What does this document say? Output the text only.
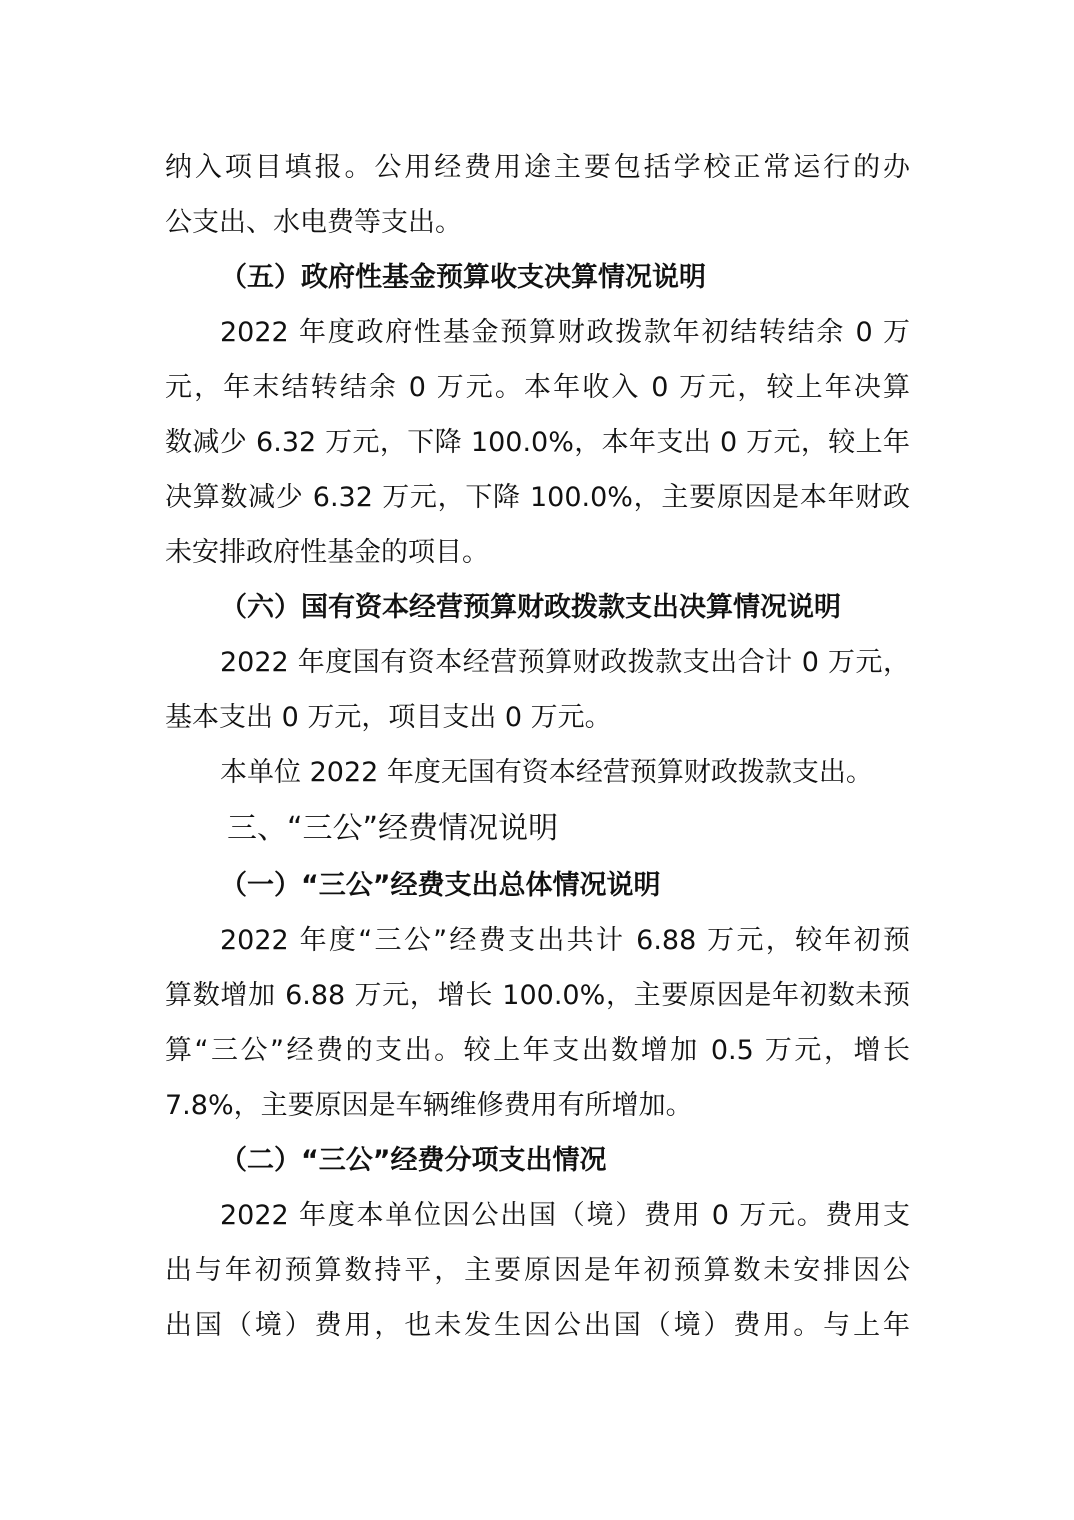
纳入项目填报。公用经费用途主要包括学校正常运行的办
公支出、水电费等支出。
（五）政府性基金预算收支决算情况说明
2022 年度政府性基金预算财政拨款年初结转结余 0 万
元，年末结转结余 0 万元。本年收入 0 万元，较上年决算
数减少 6.32 万元，下降 100.0%，本年支出 0 万元，较上年
决算数减少 6.32 万元，下降 100.0%，主要原因是本年财政
未安排政府性基金的项目。
（六）国有资本经营预算财政拨款支出决算情况说明
2022 年度国有资本经营预算财政拨款支出合计 0 万元，
基本支出 0 万元，项目支出 0 万元。
本单位 2022 年度无国有资本经营预算财政拨款支出。
三、“三公”经费情况说明
（一）“三公”经费支出总体情况说明
2022 年度“三公”经费支出共计 6.88 万元，较年初预
算数增加 6.88 万元，增长 100.0%，主要原因是年初数未预
算“三公”经费的支出。较上年支出数增加 0.5 万元，增长
7.8%，主要原因是车辆维修费用有所增加。
（二）“三公”经费分项支出情况
2022 年度本单位因公出国（境）费用 0 万元。费用支
出与年初预算数持平，主要原因是年初预算数未安排因公
出国（境）费用，也未发生因公出国（境）费用。与上年
